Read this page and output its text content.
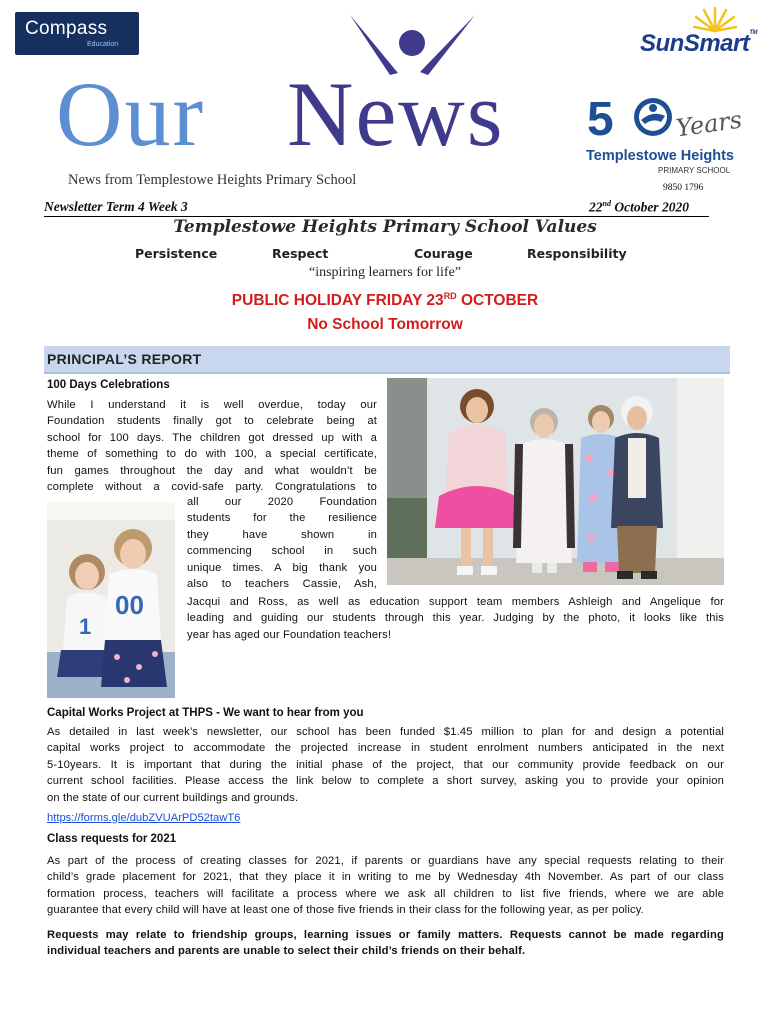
Compass
Education	SunSmart™
Our News
News from Templestowe Heights Primary School
5	Years
Templestowe Heights
PRIMARY SCHOOL
9850 1796
Newsletter Term 4 Week 3	22nd October 2020
Templestowe Heights Primary School Values
Persistence	Respect	Courage	Responsibility
“inspiring learners for life”
PUBLIC HOLIDAY FRIDAY 23RD OCTOBER
No School Tomorrow
PRINCIPAL’S REPORT
100 Days Celebrations
While I understand it is well overdue, today our
Foundation students finally got to celebrate being at
school for 100 days. The children got dressed up with a
theme of something to do with 100, a special certificate,
fun games throughout the day and what wouldn’t be
complete without a covid-safe party. Congratulations to
all our 2020 Foundation
students for the resilience
they have shown in
commencing school in such
unique times. A big thank you
also to teachers Cassie, Ash,
Jacqui and Ross, as well as education support team members Ashleigh and Angelique for
leading and guiding our students through this year. Judging by the photo, it looks like this
year has aged our Foundation teachers!
1
00
Capital Works Project at THPS - We want to hear from you
As detailed in last week’s newsletter, our school has been funded $1.45 million to plan for and design a potential
capital works project to accommodate the projected increase in student enrolment numbers anticipated in the next
5-10years. It is important that during the initial phase of the project, that our community provide feedback on our
current school facilities. Please access the link below to complete a short survey, asking you to provide your opinion
on the state of our current buildings and grounds.
https://forms.gle/dubZVUArPD52tawT6
Class requests for 2021
As part of the process of creating classes for 2021, if parents or guardians have any special requests relating to their
child’s grade placement for 2021, that they place it in writing to me by Wednesday 4th November. As part of our class
formation process, teachers will facilitate a process where we ask all children to list five friends, where we are able
guarantee that every child will have at least one of those five friends in their class for the following year, as per policy.
Requests may relate to friendship groups, learning issues or family matters. Requests cannot be made regarding
individual teachers and parents are unable to select their child’s friends on their behalf.
